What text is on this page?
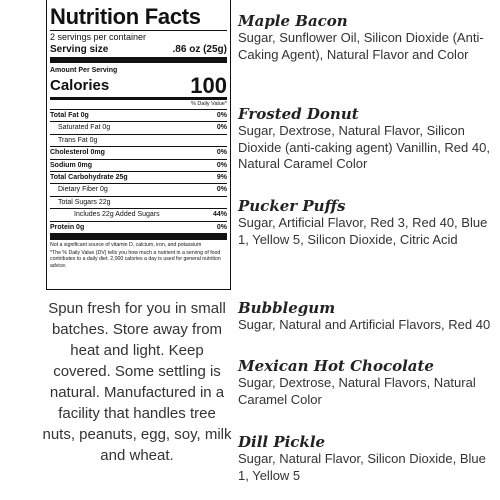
Nutrition Facts
2 servings per container
Serving size	.86 oz (25g)
Amount Per Serving
Calories	100
% Daily Value*
Total Fat 0g	0%
Saturated Fat 0g	0%
Trans Fat 0g
Cholesterol 0mg	0%
Sodium 0mg	0%
Total Carbohydrate 25g	9%
Dietary Fiber 0g	0%
Total Sugars 22g
Includes 22g Added Sugars	44%
Protein 0g	0%

Not a significant source of vitamin D, calcium, iron, and potassium

*The % Daily Value (DV) tells you how much a nutrient in a serving of food contributes to a daily diet. 2,000 calories a day is used for general nutrition advice.

Spun fresh for you in small batches. Store away from heat and light. Keep covered. Some settling is natural. Manufactured in a facility that handles tree nuts, peanuts, egg, soy, milk and wheat.
Maple Bacon
Sugar, Sunflower Oil, Silicon Dioxide (Anti-Caking Agent), Natural Flavor and Color
Frosted Donut
Sugar, Dextrose, Natural Flavor, Silicon Dioxide (anti-caking agent) Vanillin, Red 40, Natural Caramel Color
Pucker Puffs
Sugar, Artificial Flavor, Red 3, Red 40, Blue 1, Yellow 5, Silicon Dioxide, Citric Acid
Bubblegum
Sugar, Natural and Artificial Flavors, Red 40
Mexican Hot Chocolate
Sugar, Dextrose, Natural Flavors, Natural Caramel Color
Dill Pickle
Sugar, Natural Flavor, Silicon Dioxide, Blue 1, Yellow 5
